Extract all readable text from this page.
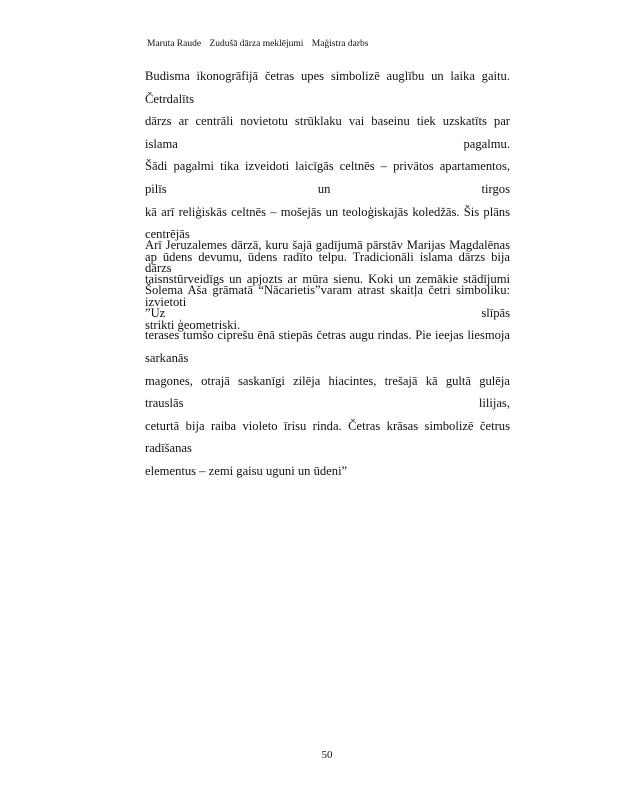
Maruta Raude Zudušā dārza meklējumi Maģistra darbs
Budisma ikonogrāfijā četras upes simbolizē auglību un laika gaitu. Četrdalīts
dārzs ar centrāli novietotu strūklaku vai baseinu tiek uzskatīts par islama pagalmu.
Šādi pagalmi tika izveidoti laicīgās celtnēs – privātos apartamentos, pilīs un tirgos
kā arī reliģiskās celtnēs – mošejās un teoloģiskajās koledžās. Šis plāns centrējās
ap ūdens devumu, ūdens radīto telpu. Tradicionāli islama dārzs bija
taisnstūrveidīgs un apjozts ar mūra sienu. Koki un zemākie stādījumi izvietoti
strikti ģeometriski.
Arī Jeruzalemes dārzā, kuru šajā gadījumā pārstāv Marijas Magdalēnas dārzs
Šolema Aša grāmatā “Nācarietis”varam atrast skaitļa četri simboliku: ”Uz slīpās
terases tumšo ciprešu ēnā stiepās četras augu rindas. Pie ieejas liesmoja sarkanās
magones, otrajā saskanīgi zilēja hiacintes, trešajā kā gultā gulēja trauslās lilijas,
ceturtā bija raiba violeto īrisu rinda. Četras krāsas simbolizē četrus radīšanas
elementus – zemi gaisu uguni un ūdeni”
50
